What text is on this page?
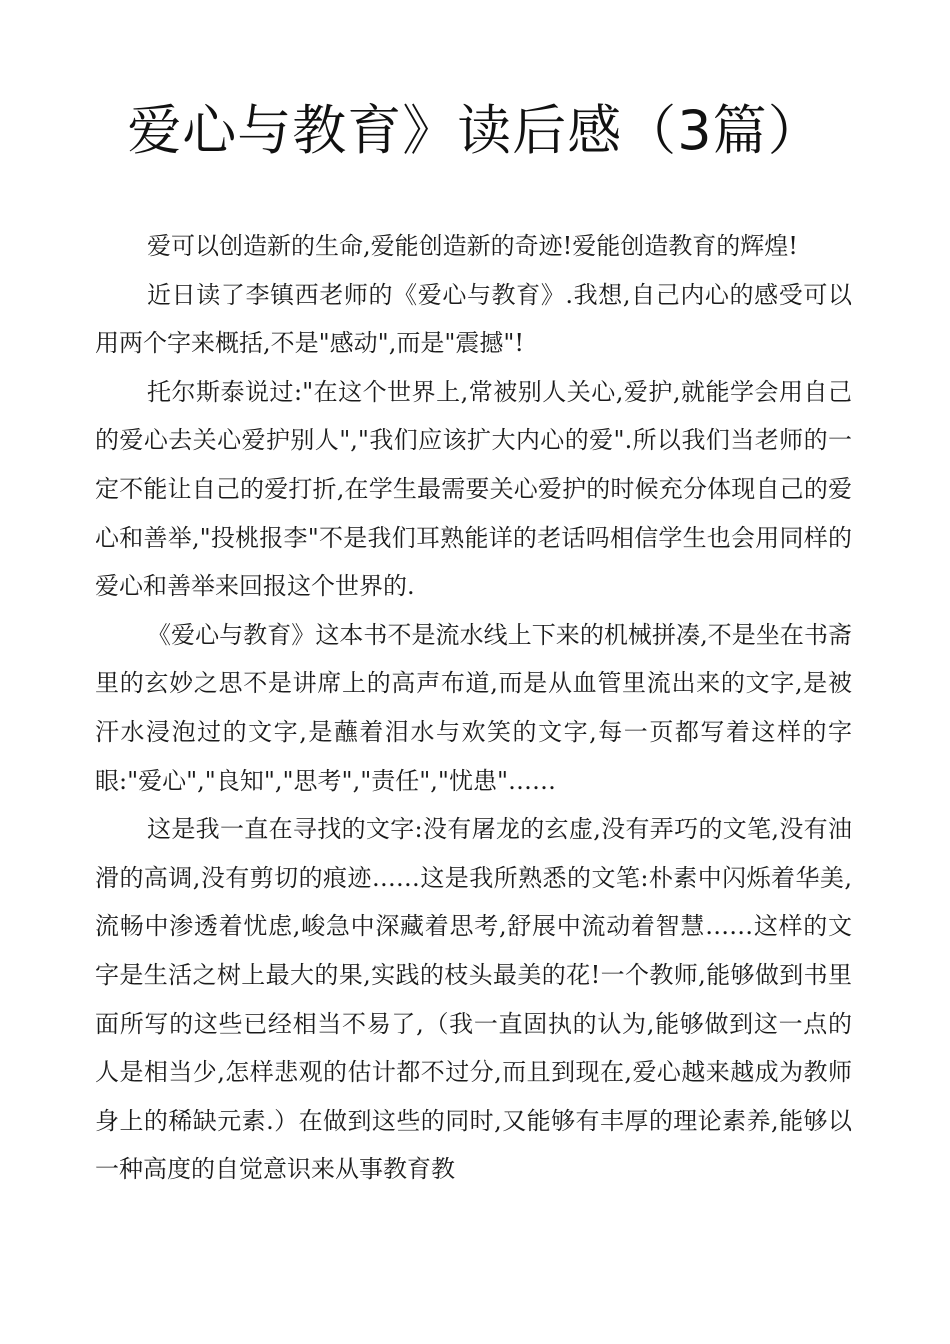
爱心与教育》读后感（3篇）

爱可以创造新的生命,爱能创造新的奇迹!爱能创造教育的辉煌!

近日读了李镇西老师的《爱心与教育》.我想,自己内心的感受可以用两个字来概括,不是"感动",而是"震撼"!

托尔斯泰说过:"在这个世界上,常被别人关心,爱护,就能学会用自己的爱心去关心爱护别人","我们应该扩大内心的爱".所以我们当老师的一定不能让自己的爱打折,在学生最需要关心爱护的时候充分体现自己的爱心和善举,"投桃报李"不是我们耳熟能详的老话吗相信学生也会用同样的爱心和善举来回报这个世界的.

《爱心与教育》这本书不是流水线上下来的机械拼凑,不是坐在书斋里的玄妙之思不是讲席上的高声布道,而是从血管里流出来的文字,是被汗水浸泡过的文字,是蘸着泪水与欢笑的文字,每一页都写着这样的字眼:"爱心","良知","思考","责任","忧患"……

这是我一直在寻找的文字:没有屠龙的玄虚,没有弄巧的文笔,没有油滑的高调,没有剪切的痕迹……这是我所熟悉的文笔:朴素中闪烁着华美,流畅中渗透着忧虑,峻急中深藏着思考,舒展中流动着智慧……这样的文字是生活之树上最大的果,实践的枝头最美的花!一个教师,能够做到书里面所写的这些已经相当不易了,（我一直固执的认为,能够做到这一点的人是相当少,怎样悲观的估计都不过分,而且到现在,爱心越来越成为教师身上的稀缺元素.）在做到这些的同时,又能够有丰厚的理论素养,能够以一种高度的自觉意识来从事教育教
